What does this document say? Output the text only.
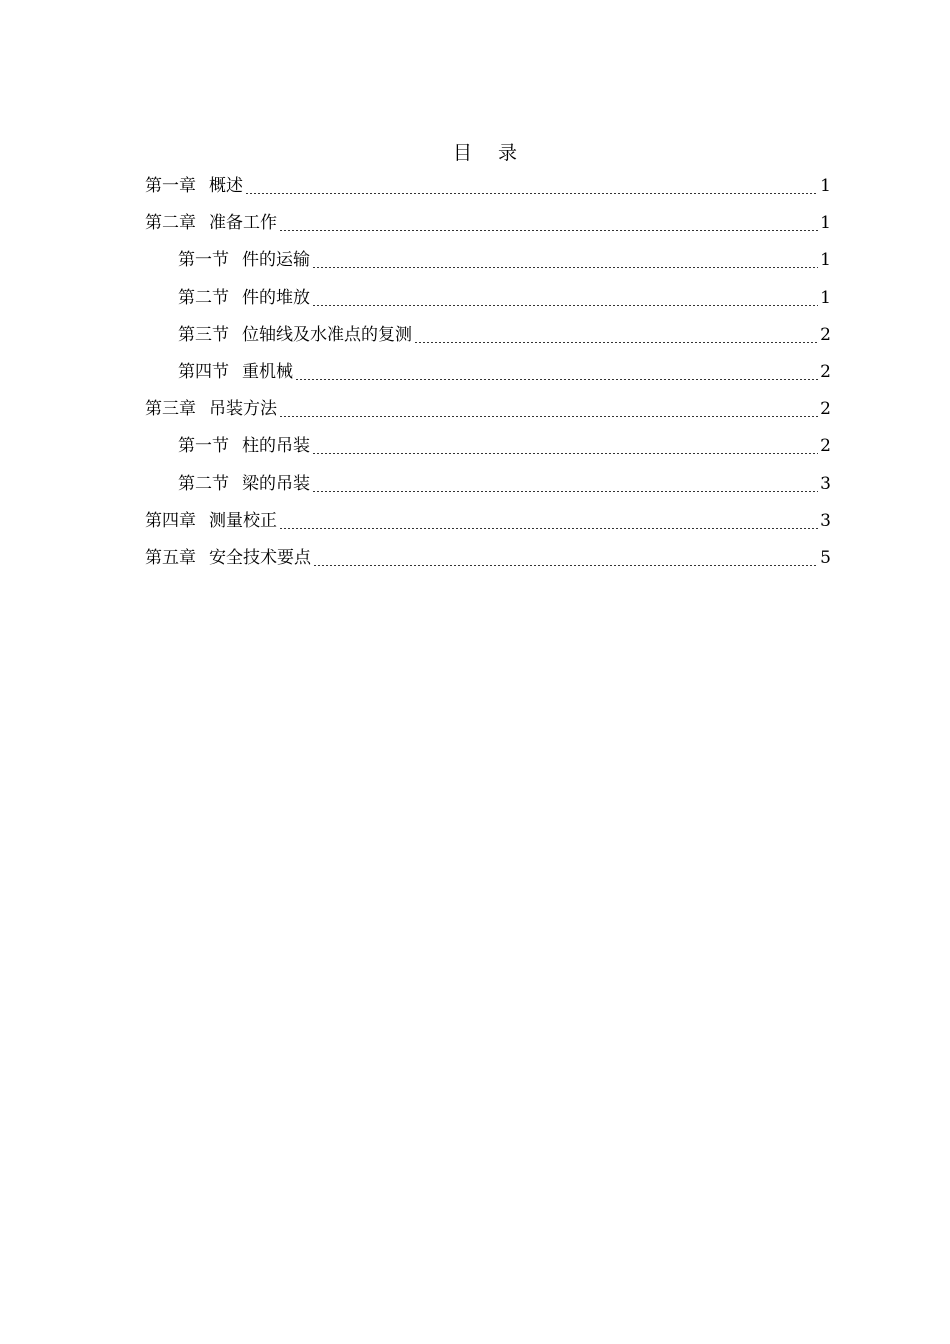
目 录
第一章 概述	1
第二章 准备工作	1
第一节 件的运输	1
第二节 件的堆放	1
第三节 位轴线及水准点的复测	2
第四节 重机械	2
第三章 吊装方法	2
第一节 柱的吊装	2
第二节 梁的吊装	3
第四章 测量校正	3
第五章 安全技术要点	5
